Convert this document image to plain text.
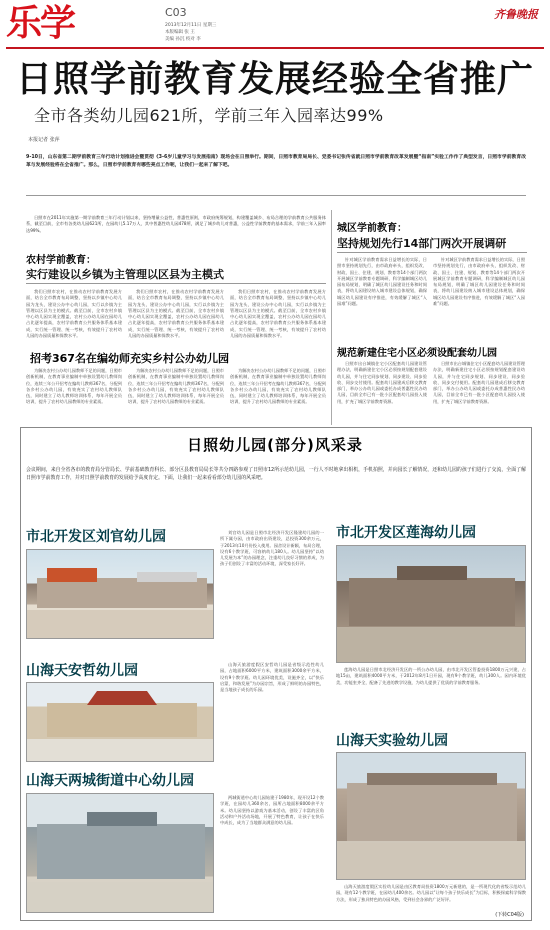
乐学	C03
2013年12月11日 星期三
本版编辑 张 王
美编 孙沉 校对 李
齐鲁晚报
日照学前教育发展经验全省推广
全市各类幼儿园621所，学前三年入园率达99%
本报记者 张萍
9-10日，山东省第二期学前教育三年行动计划推进会暨贯彻《3-6岁儿童学习与发展指南》现场会在日照举行。期间，日照市教育局局长、党委书记张传省就日照市学前教育改革发展暨“指南”实验工作作了典型发言，日照市学前教育改革与发展经验将在全省推广。那么，日照市学前教育有哪些亮点工作呢，让我们一起来了解下吧。

日照市在2011年实施第一期学前教育三年行动计划以来，坚持增量公益性，普惠性原则，市政府统筹规划，构建覆盖城乡、布局合理的学前教育公共服务体系，截至目前，全市有各类幼儿园621所，在园幼儿5.17万人，其中普惠性幼儿园478所，满足了城乡幼儿对普惠，公益性学前教育的基本需求，学前三年入园率达99%。

农村学前教育：
实行建设以乡镇为主管理以区县为主模式

我们日照市农村，在推动农村学前教育发展方面，结合全市教育布局调整，坚持以乡镇中心幼儿园为龙头，建设公办中心幼儿园，实行以乡镇为主管理以区县为主的模式。截至目前，全市农村乡镇中心幼儿园实现全覆盖，农村公办幼儿园在园幼儿占比逐年提高，农村学前教育公共服务体系基本建成，实行统一管理、统一考核，有效提升了农村幼儿园的办园质量和保教水平。

我们日照市农村，在推动农村学前教育发展方面，结合全市教育布局调整，坚持以乡镇中心幼儿园为龙头，建设公办中心幼儿园，实行以乡镇为主管理以区县为主的模式。截至目前，全市农村乡镇中心幼儿园实现全覆盖，农村公办幼儿园在园幼儿占比逐年提高，农村学前教育公共服务体系基本建成，实行统一管理、统一考核，有效提升了农村幼儿园的办园质量和保教水平。

我们日照市农村，在推动农村学前教育发展方面，结合全市教育布局调整，坚持以乡镇中心幼儿园为龙头，建设公办中心幼儿园，实行以乡镇为主管理以区县为主的模式。截至目前，全市农村乡镇中心幼儿园实现全覆盖，农村公办幼儿园在园幼儿占比逐年提高，农村学前教育公共服务体系基本建成，实行统一管理、统一考核，有效提升了农村幼儿园的办园质量和保教水平。

招考367名在编幼师充实乡村公办幼儿园

为解决农村公办幼儿园教师不足的问题，日照市创新机制，在教育事业编制中单独设置幼儿教师岗位，连续三年公开招考在编幼儿教师367名，分配到各乡村公办幼儿园，有效充实了农村幼儿教师队伍，同时建立了幼儿教师培训体系，每年开展全员培训，提升了农村幼儿园教师的专业素质。

为解决农村公办幼儿园教师不足的问题，日照市创新机制，在教育事业编制中单独设置幼儿教师岗位，连续三年公开招考在编幼儿教师367名，分配到各乡村公办幼儿园，有效充实了农村幼儿教师队伍，同时建立了幼儿教师培训体系，每年开展全员培训，提升了农村幼儿园教师的专业素质。

为解决农村公办幼儿园教师不足的问题，日照市创新机制，在教育事业编制中单独设置幼儿教师岗位，连续三年公开招考在编幼儿教师367名，分配到各乡村公办幼儿园，有效充实了农村幼儿教师队伍，同时建立了幼儿教师培训体系，每年开展全员培训，提升了农村幼儿园教师的专业素质。

城区学前教育：
坚持规划先行14部门两次开展调研

针对城区学前教育需求日益增长的实际，日照市坚持规划先行，由市政府牵头，组织发改、财政、国土、住建、规划、教育等14个部门两次开展城区学前教育专题调研，科学编制城区幼儿园布局规划，明确了城区幼儿园建设任务和时间表，将幼儿园建设纳入城市建设总体规划，确保城区幼儿园建设有序推进，有效缓解了城区“入园难”问题。

针对城区学前教育需求日益增长的实际，日照市坚持规划先行，由市政府牵头，组织发改、财政、国土、住建、规划、教育等14个部门两次开展城区学前教育专题调研，科学编制城区幼儿园布局规划，明确了城区幼儿园建设任务和时间表，将幼儿园建设纳入城市建设总体规划，确保城区幼儿园建设有序推进，有效缓解了城区“入园难”问题。

规范新建住宅小区必须设配套幼儿园

日照市出台城镇住宅小区配套幼儿园建设管理办法，明确新建住宅小区必须按规划配套建设幼儿园，并与住宅同步规划、同步建设、同步验收、同步交付使用。配套幼儿园建成后移交教育部门，举办公办幼儿园或委托办成普惠性民办幼儿园，目前全市已有一批小区配套幼儿园投入使用，扩充了城区学前教育资源。

日照市出台城镇住宅小区配套幼儿园建设管理办法，明确新建住宅小区必须按规划配套建设幼儿园，并与住宅同步规划、同步建设、同步验收、同步交付使用。配套幼儿园建成后移交教育部门，举办公办幼儿园或委托办成普惠性民办幼儿园，目前全市已有一批小区配套幼儿园投入使用，扩充了城区学前教育资源。

日照幼儿园(部分)风采录
会议期间，来自全省各市的教育局分管局长、学前基础教育科长、部分区县教育局局长等共分四路参观了日照市12所示范幼儿园，一行人不时地拿出相机，手机拍照，并向园长了解情况，还和幼儿园的孩子们进行了交流，全面了解日照市学前教育工作，并对日照学前教育的发展给予高度肯定。下面，让我们一起来看看部分幼儿园的风采吧。
市北开发区刘官幼儿园	刘官幼儿园是日照市北经济开发区隆建幼儿园的一所下属分园，由市政府出资建设，总投资300余万元，于2013年10月份投入使用。园舍设计新颖，布局合理，设有6个教学班，可容纳幼儿180人。幼儿园坚持“以幼儿发展为本”的办园理念，注重幼儿良好习惯的养成，为孩子们创设了丰富的活动环境，深受家长好评。

山海天安哲幼儿园	山海天旅游度假区安哲幼儿园是省级示范性幼儿园，占地面积6000平方米，建筑面积3000余平方米，设有9个教学班。幼儿园环境优美，设施齐全，以“快乐启蒙，和谐发展”为办园宗旨，形成了鲜明的办园特色，是当地孩子成长的乐园。

山海天两城街道中心幼儿园

两城街道中心幼儿园始建于1980年，现开设12个教学班，在园幼儿360余名，园所占地面积8000余平方米。幼儿园坚持以游戏为基本活动，创设了丰富的区角活动和户外活动场地，开展了特色教育，让孩子在快乐中成长，成为了当地群众满意的幼儿园。

市北开发区莲海幼儿园

莲海幼儿园是日照市北经济开发区的一所公办幼儿园，由市北开发区管委投资1800万元兴建，占地15亩，建筑面积4000平方米，于2012年8月1日开园，现有9个教学班，幼儿300人。园内环境优美，功能室齐全，配备了先进的教学设施，为幼儿提供了优质的学前教育服务。

山海天实验幼儿园

山海天旅游度假区实验幼儿园是由区教育局投资1800万元新建的，是一所现代化的省级示范幼儿园，现有12个教学班，在园幼儿400余名。幼儿园以“让每个孩子快乐成长”为目标，积极探索科学保教方法，形成了独具特色的办园风格，受到社会各界的广泛好评。

(下转C04版)
